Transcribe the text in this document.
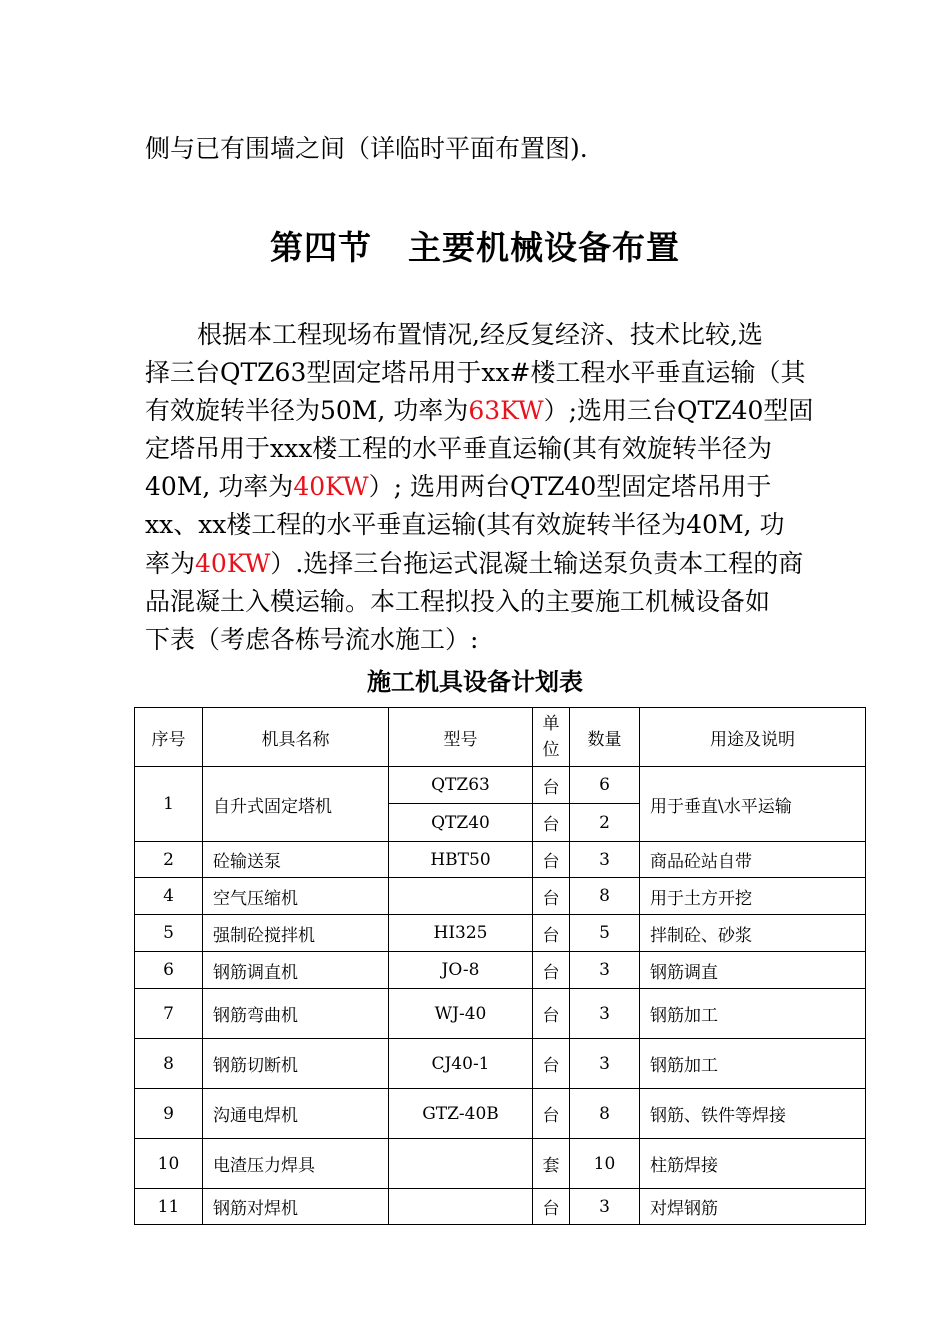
侧与已有围墙之间（详临时平面布置图).
第四节 主要机械设备布置
根据本工程现场布置情况,经反复经济、技术比较,选
择三台QTZ63型固定塔吊用于xx#楼工程水平垂直运输（其
有效旋转半径为50M, 功率为63KW）;选用三台QTZ40型固
定塔吊用于xxx楼工程的水平垂直运输(其有效旋转半径为
40M, 功率为40KW）; 选用两台QTZ40型固定塔吊用于
xx、xx楼工程的水平垂直运输(其有效旋转半径为40M, 功
率为40KW）.选择三台拖运式混凝土输送泵负责本工程的商
品混凝土入模运输。本工程拟投入的主要施工机械设备如
下表（考虑各栋号流水施工）:
施工机具设备计划表
序号	机具名称	型号	单位	数量	用途及说明
1	自升式固定塔机	QTZ63	台	6	用于垂直\水平运输
		QTZ40	台	2	
2	砼输送泵	HBT50	台	3	商品砼站自带
4	空气压缩机		台	8	用于土方开挖
5	强制砼搅拌机	HI325	台	5	拌制砼、砂浆
6	钢筋调直机	JO-8	台	3	钢筋调直
7	钢筋弯曲机	WJ-40	台	3	钢筋加工
8	钢筋切断机	CJ40-1	台	3	钢筋加工
9	沟通电焊机	GTZ-40B	台	8	钢筋、铁件等焊接
10	电渣压力焊具		套	10	柱筋焊接
11	钢筋对焊机		台	3	对焊钢筋
